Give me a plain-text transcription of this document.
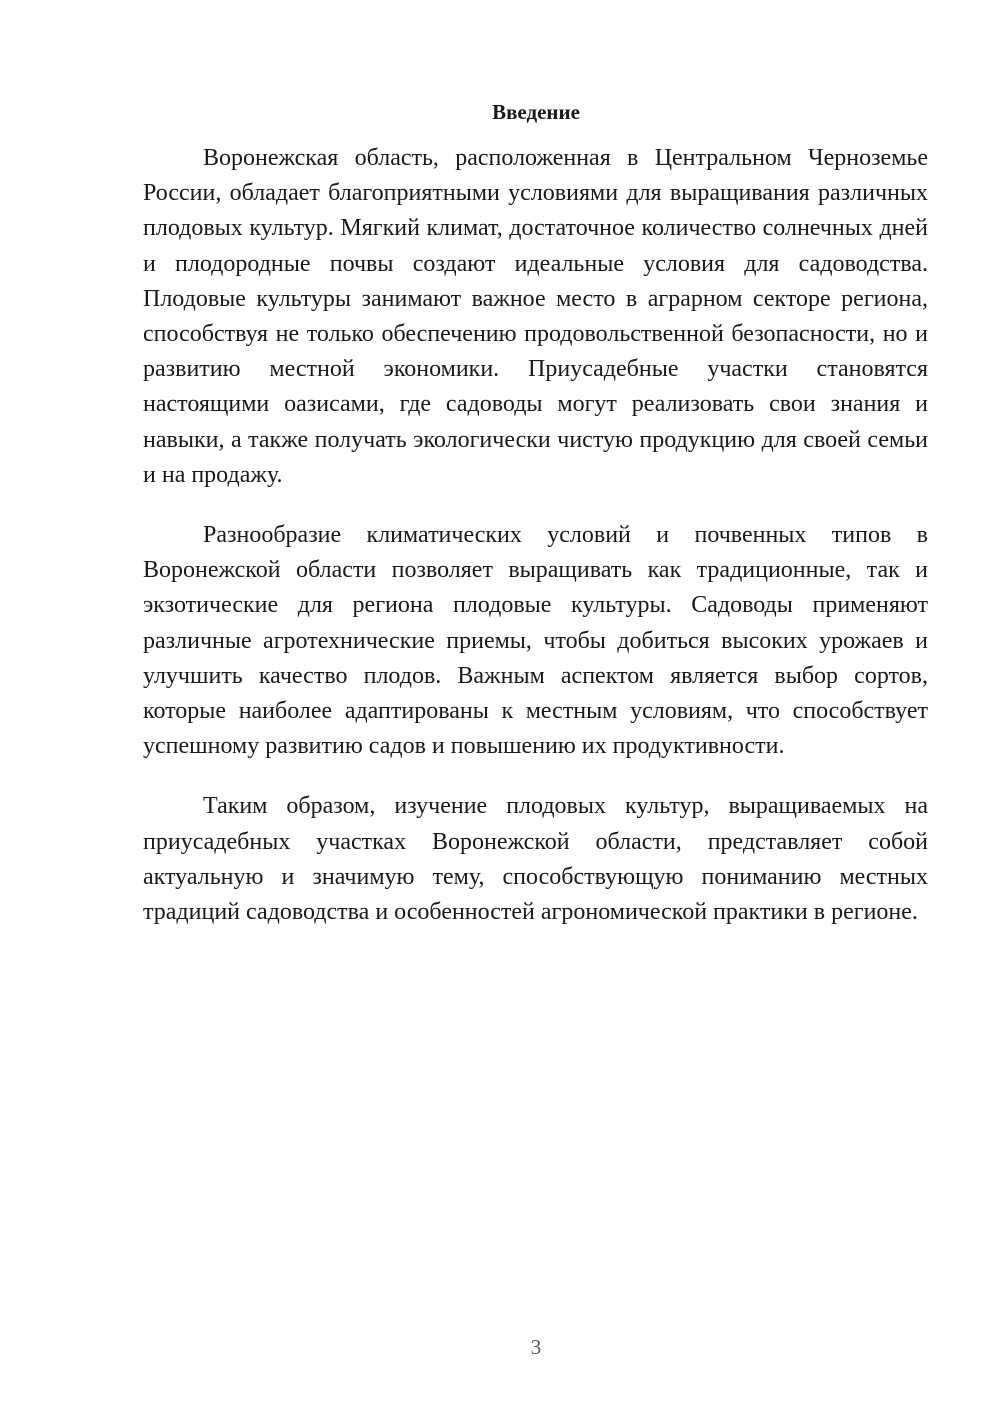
Введение

Воронежская область, расположенная в Центральном Черноземье России, обладает благоприятными условиями для выращивания различных плодовых культур. Мягкий климат, достаточное количество солнечных дней и плодородные почвы создают идеальные условия для садоводства. Плодовые культуры занимают важное место в аграрном секторе региона, способствуя не только обеспечению продовольственной безопасности, но и развитию местной экономики. Приусадебные участки становятся настоящими оазисами, где садоводы могут реализовать свои знания и навыки, а также получать экологически чистую продукцию для своей семьи и на продажу.

Разнообразие климатических условий и почвенных типов в Воронежской области позволяет выращивать как традиционные, так и экзотические для региона плодовые культуры. Садоводы применяют различные агротехнические приемы, чтобы добиться высоких урожаев и улучшить качество плодов. Важным аспектом является выбор сортов, которые наиболее адаптированы к местным условиям, что способствует успешному развитию садов и повышению их продуктивности.

Таким образом, изучение плодовых культур, выращиваемых на приусадебных участках Воронежской области, представляет собой актуальную и значимую тему, способствующую пониманию местных традиций садоводства и особенностей агрономической практики в регионе.

3
